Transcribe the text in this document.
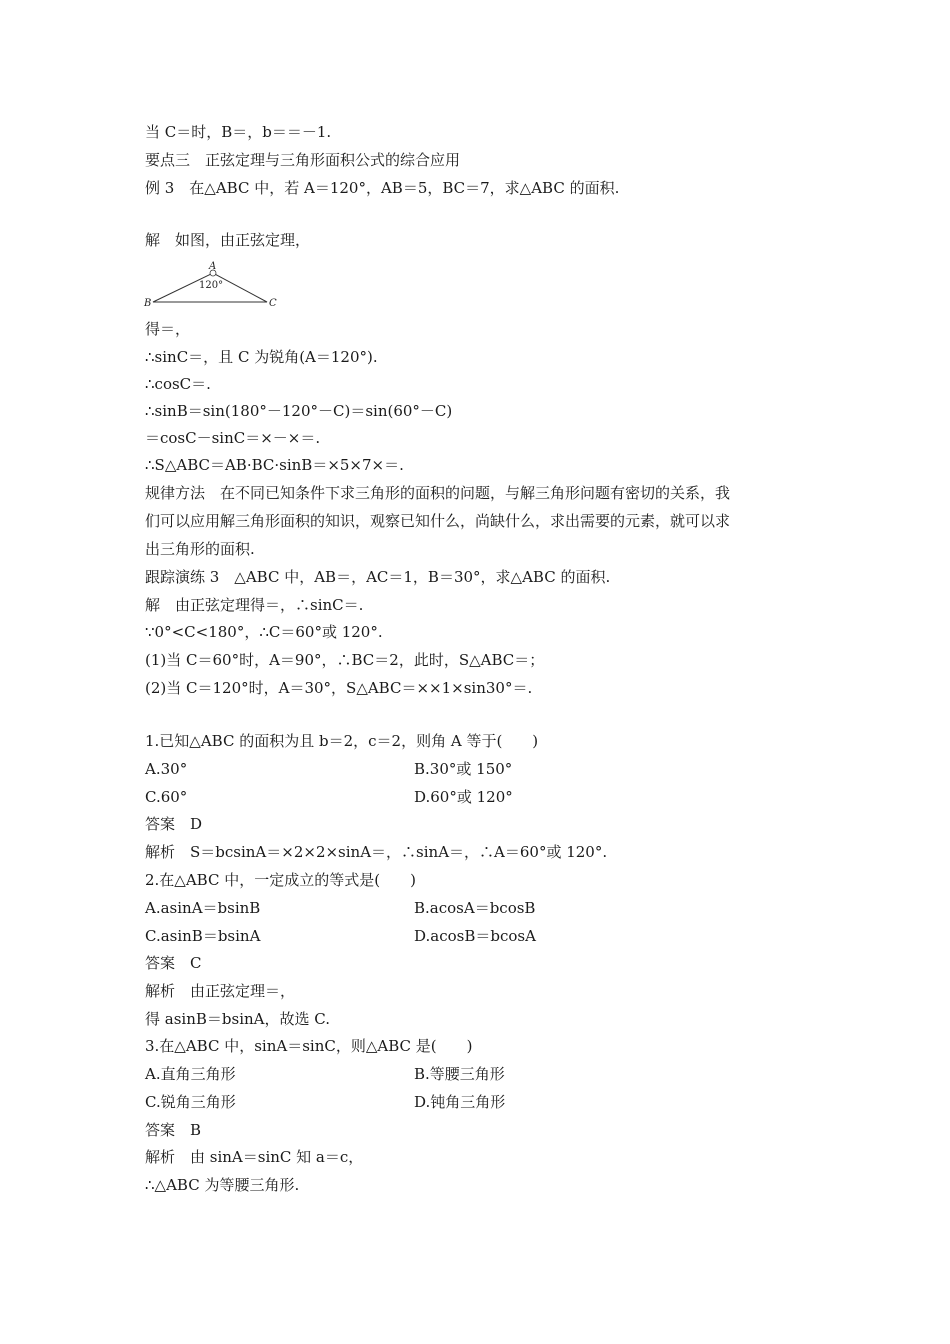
当 C＝时，B＝，b＝＝－1.
要点三　正弦定理与三角形面积公式的综合应用
例 3　在△ABC 中，若 A＝120°，AB＝5，BC＝7，求△ABC 的面积.
解　如图，由正弦定理，
A
B	C
120°
得＝，
∴sinC＝，且 C 为锐角(A＝120°).
∴cosC＝.
∴sinB＝sin(180°－120°－C)＝sin(60°－C)
＝cosC－sinC＝×－×＝.
∴S△ABC＝AB·BC·sinB＝×5×7×＝.
规律方法　在不同已知条件下求三角形的面积的问题，与解三角形问题有密切的关系，我
们可以应用解三角形面积的知识，观察已知什么，尚缺什么，求出需要的元素，就可以求
出三角形的面积.
跟踪演练 3　△ABC 中，AB＝，AC＝1，B＝30°，求△ABC 的面积.
解　由正弦定理得＝，∴sinC＝.
∵0°<C<180°，∴C＝60°或 120°.
(1)当 C＝60°时，A＝90°，∴BC＝2，此时，S△ABC＝；
(2)当 C＝120°时，A＝30°，S△ABC＝××1×sin30°＝.
1.已知△ABC 的面积为且 b＝2，c＝2，则角 A 等于(　　)
A.30°	B.30°或 150°
C.60°	D.60°或 120°
答案　D
解析　S＝bcsinA＝×2×2×sinA＝，∴sinA＝，∴A＝60°或 120°.
2.在△ABC 中，一定成立的等式是(　　)
A.asinA＝bsinB	B.acosA＝bcosB
C.asinB＝bsinA	D.acosB＝bcosA
答案　C
解析　由正弦定理＝，
得 asinB＝bsinA，故选 C.
3.在△ABC 中，sinA＝sinC，则△ABC 是(　　)
A.直角三角形	B.等腰三角形
C.锐角三角形	D.钝角三角形
答案　B
解析　由 sinA＝sinC 知 a＝c，
∴△ABC 为等腰三角形.
